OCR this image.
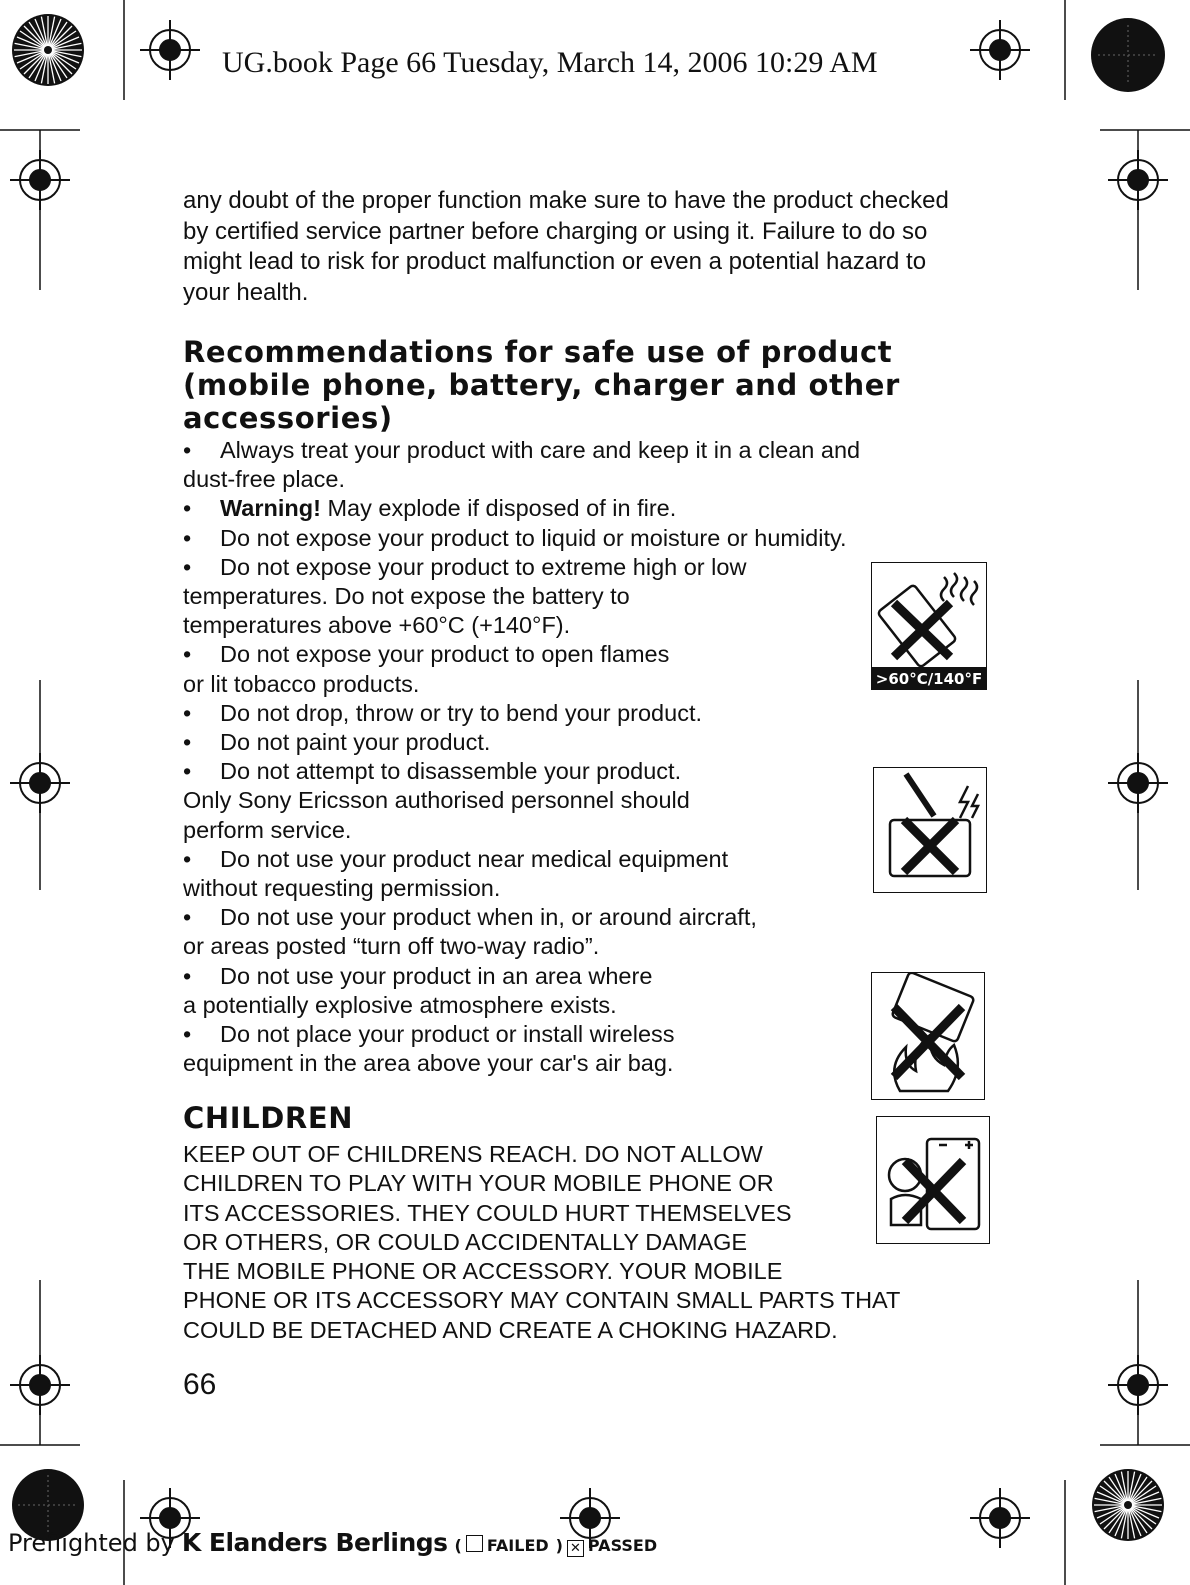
UG.book Page 66 Tuesday, March 14, 2006 10:29 AM

any doubt of the proper function make sure to have the product checked

by certified service partner before charging or using it. Failure to do so

might lead to risk for product malfunction or even a potential hazard to

your health.

Recommendations for safe use of product

(mobile phone, battery, charger and other

accessories)

• Always treat your product with care and keep it in a clean and
dust-free place.
• Warning! May explode if disposed of in fire.
• Do not expose your product to liquid or moisture or humidity.
• Do not expose your product to extreme high or low
temperatures. Do not expose the battery to
temperatures above +60°C (+140°F).
• Do not expose your product to open flames
or lit tobacco products.
• Do not drop, throw or try to bend your product.
• Do not paint your product.
• Do not attempt to disassemble your product.
Only Sony Ericsson authorised personnel should
perform service.
• Do not use your product near medical equipment
without requesting permission.
• Do not use your product when in, or around aircraft,
or areas posted “turn off two-way radio”.
• Do not use your product in an area where
a potentially explosive atmosphere exists.
• Do not place your product or install wireless
equipment in the area above your car's air bag.
>60°C/140°F

CHILDREN

KEEP OUT OF CHILDRENS REACH. DO NOT ALLOW
CHILDREN TO PLAY WITH YOUR MOBILE PHONE OR
ITS ACCESSORIES. THEY COULD HURT THEMSELVES
OR OTHERS, OR COULD ACCIDENTALLY DAMAGE
THE MOBILE PHONE OR ACCESSORY. YOUR MOBILE
PHONE OR ITS ACCESSORY MAY CONTAIN SMALL PARTS THAT
COULD BE DETACHED AND CREATE A CHOKING HAZARD.
66
Preflighted by K Elanders Berlings ( FAILED ) ✕ PASSED
